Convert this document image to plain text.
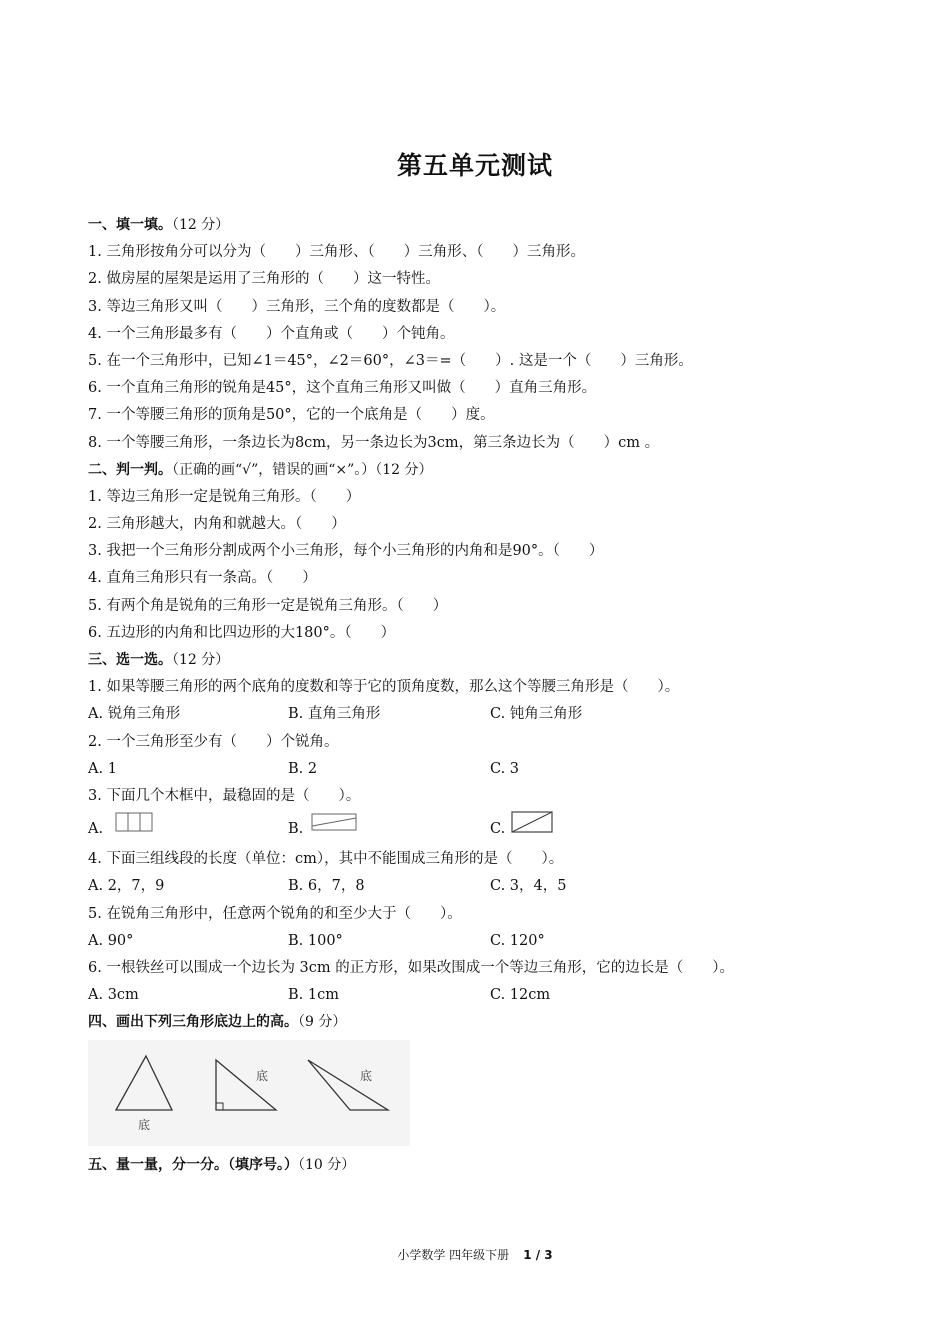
第五单元测试
一、填一填。（12 分）
1. 三角形按角分可以分为（　　）三角形、（　　）三角形、（　　）三角形。
2. 做房屋的屋架是运用了三角形的（　　）这一特性。
3. 等边三角形又叫（　　）三角形，三个角的度数都是（　　）。
4. 一个三角形最多有（　　）个直角或（　　）个钝角。
5. 在一个三角形中，已知∠1＝45°，∠2＝60°，∠3＝=（　　）. 这是一个（　　）三角形。
6. 一个直角三角形的锐角是45°，这个直角三角形又叫做（　　）直角三角形。
7. 一个等腰三角形的顶角是50°，它的一个底角是（　　）度。
8. 一个等腰三角形，一条边长为8cm，另一条边长为3cm，第三条边长为（　　）cm 。
二、判一判。（正确的画“√”，错误的画“×”。）（12 分）
1. 等边三角形一定是锐角三角形。（　　）
2. 三角形越大，内角和就越大。（　　）
3. 我把一个三角形分割成两个小三角形，每个小三角形的内角和是90°。（　　）
4. 直角三角形只有一条高。（　　）
5. 有两个角是锐角的三角形一定是锐角三角形。（　　）
6. 五边形的内角和比四边形的大180°。（　　）
三、选一选。（12 分）
1. 如果等腰三角形的两个底角的度数和等于它的顶角度数，那么这个等腰三角形是（　　）。
A. 锐角三角形	B. 直角三角形	C. 钝角三角形
2. 一个三角形至少有（　　）个锐角。
A. 1	B. 2	C. 3
3. 下面几个木框中，最稳固的是（　　）。
A.	B.	C.
4. 下面三组线段的长度（单位：cm），其中不能围成三角形的是（　　）。
A. 2，7，9	B. 6，7，8	C. 3，4，5
5. 在锐角三角形中，任意两个锐角的和至少大于（　　）。
A. 90°	B. 100°	C. 120°
6. 一根铁丝可以围成一个边长为 3cm 的正方形，如果改围成一个等边三角形，它的边长是（　　）。
A. 3cm	B. 1cm	C. 12cm
四、画出下列三角形底边上的高。（9 分）
底
底	底
五、量一量，分一分。（填序号。）（10 分）
小学数学 四年级下册 1 / 3
